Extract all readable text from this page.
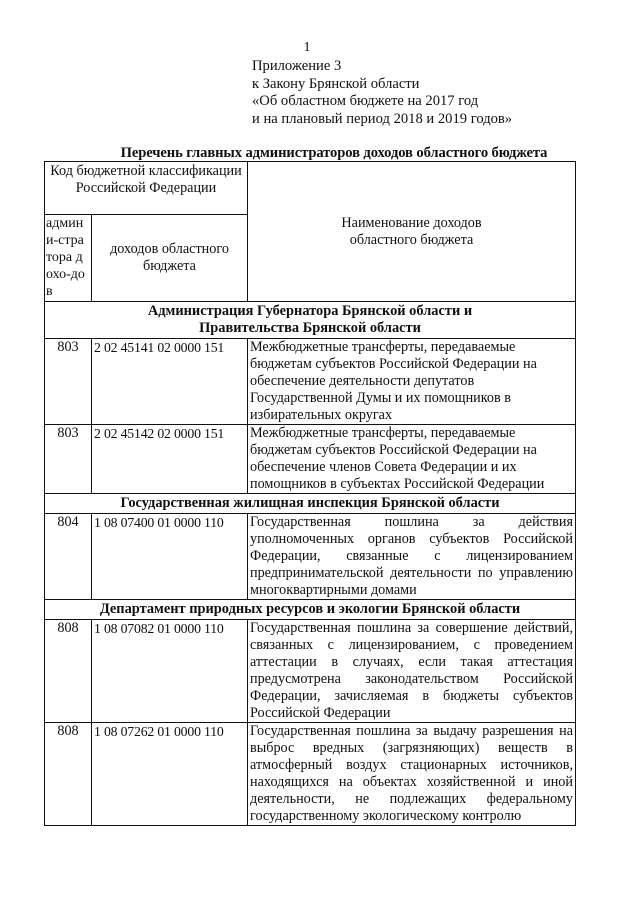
1
Приложение 3
к Закону Брянской области
«Об областном бюджете на 2017 год
и на плановый период 2018 и 2019 годов»
Перечень главных администраторов доходов областного бюджета
Код бюджетной классификации Российской Федерации		Наименование доходов областного бюджета

админи-стратора дохо-дов	доходов областного бюджета	

Администрация Губернатора Брянской области и Правительства Брянской области		

803	2 02 45141 02 0000 151	Межбюджетные трансферты, передаваемые бюджетам субъектов Российской Федерации на обеспечение деятельности депутатов Государственной Думы и их помощников в избирательных округах

803	2 02 45142 02 0000 151	Межбюджетные трансферты, передаваемые бюджетам субъектов Российской Федерации на обеспечение членов Совета Федерации и их помощников в субъектах Российской Федерации

Государственная жилищная инспекция Брянской области		
804	1 08 07400 01 0000 110	Государственная пошлина за действия уполномоченных органов субъектов Российской Федерации, связанные с лицензированием предпринимательской деятельности по управлению многоквартирными домами
Департамент природных ресурсов и экологии Брянской области		
808	1 08 07082 01 0000 110	Государственная пошлина за совершение действий, связанных с лицензированием, с проведением аттестации в случаях, если такая аттестация предусмотрена законодательством Российской Федерации, зачисляемая в бюджеты субъектов Российской Федерации
808	1 08 07262 01 0000 110	Государственная пошлина за выдачу разрешения на выброс вредных (загрязняющих) веществ в атмосферный воздух стационарных источников, находящихся на объектах хозяйственной и иной деятельности, не подлежащих федеральному государственному экологическому контролю
